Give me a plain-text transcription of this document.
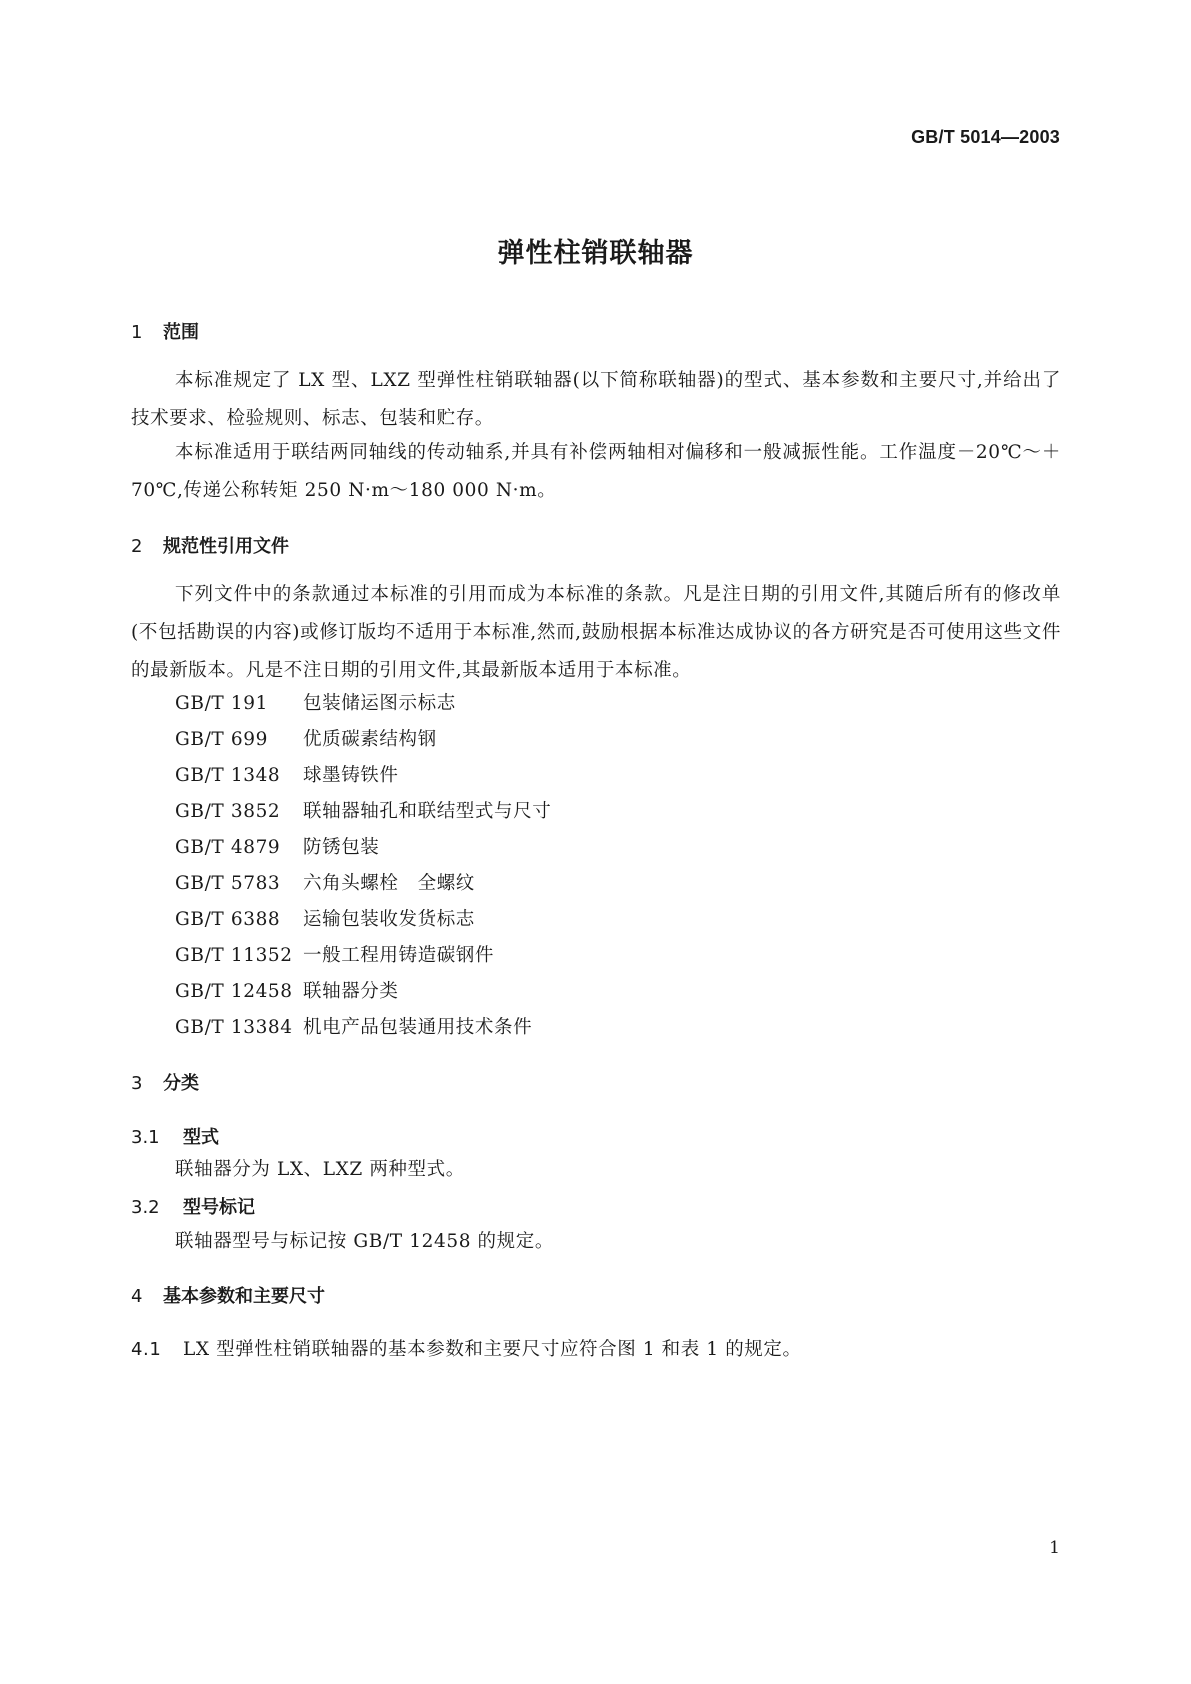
GB/T 5014—2003
弹性柱销联轴器
1 范围
本标准规定了 LX 型、LXZ 型弹性柱销联轴器(以下简称联轴器)的型式、基本参数和主要尺寸,并给出了技术要求、检验规则、标志、包装和贮存。
本标准适用于联结两同轴线的传动轴系,并具有补偿两轴相对偏移和一般减振性能。工作温度－20℃～＋70℃,传递公称转矩 250 N·m～180 000 N·m。
2 规范性引用文件
下列文件中的条款通过本标准的引用而成为本标准的条款。凡是注日期的引用文件,其随后所有的修改单(不包括勘误的内容)或修订版均不适用于本标准,然而,鼓励根据本标准达成协议的各方研究是否可使用这些文件的最新版本。凡是不注日期的引用文件,其最新版本适用于本标准。
GB/T 191 包装储运图示标志
GB/T 699 优质碳素结构钢
GB/T 1348 球墨铸铁件
GB/T 3852 联轴器轴孔和联结型式与尺寸
GB/T 4879 防锈包装
GB/T 5783 六角头螺栓　全螺纹
GB/T 6388 运输包装收发货标志
GB/T 11352 一般工程用铸造碳钢件
GB/T 12458 联轴器分类
GB/T 13384 机电产品包装通用技术条件
3 分类
3.1 型式
联轴器分为 LX、LXZ 两种型式。
3.2 型号标记
联轴器型号与标记按 GB/T 12458 的规定。
4 基本参数和主要尺寸
4.1 LX 型弹性柱销联轴器的基本参数和主要尺寸应符合图 1 和表 1 的规定。
1
